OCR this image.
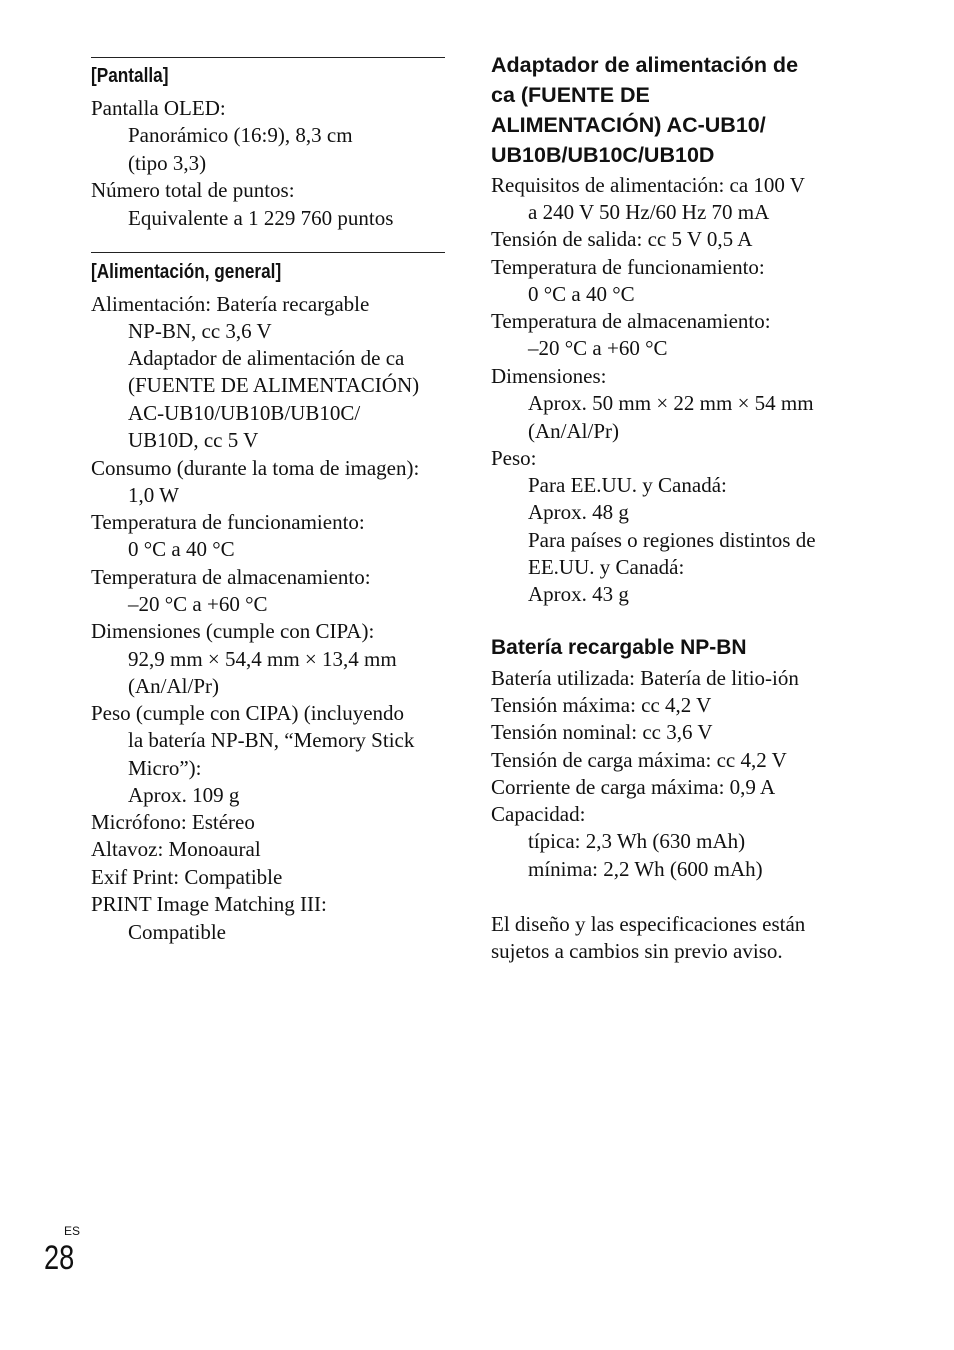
[Pantalla]
Pantalla OLED:
Panorámico (16:9), 8,3 cm
(tipo 3,3)
Número total de puntos:
Equivalente a 1 229 760 puntos
[Alimentación, general]
Alimentación: Batería recargable
NP-BN, cc 3,6 V
Adaptador de alimentación de ca
(FUENTE DE ALIMENTACIÓN)
AC-UB10/UB10B/UB10C/
UB10D, cc 5 V
Consumo (durante la toma de imagen):
1,0 W
Temperatura de funcionamiento:
0 °C a 40 °C
Temperatura de almacenamiento:
–20 °C a +60 °C
Dimensiones (cumple con CIPA):
92,9 mm × 54,4 mm × 13,4 mm
(An/Al/Pr)
Peso (cumple con CIPA) (incluyendo
la batería NP-BN, “Memory Stick
Micro”):
Aprox. 109 g
Micrófono: Estéreo
Altavoz: Monoaural
Exif Print: Compatible
PRINT Image Matching III:
Compatible
Adaptador de alimentación de
ca (FUENTE DE
ALIMENTACIÓN) AC-UB10/
UB10B/UB10C/UB10D
Requisitos de alimentación: ca 100 V
a 240 V 50 Hz/60 Hz 70 mA
Tensión de salida: cc 5 V 0,5 A
Temperatura de funcionamiento:
0 °C a 40 °C
Temperatura de almacenamiento:
–20 °C a +60 °C
Dimensiones:
Aprox. 50 mm × 22 mm × 54 mm
(An/Al/Pr)
Peso:
Para EE.UU. y Canadá:
Aprox. 48 g
Para países o regiones distintos de
EE.UU. y Canadá:
Aprox. 43 g
Batería recargable NP-BN
Batería utilizada: Batería de litio-ión
Tensión máxima: cc 4,2 V
Tensión nominal: cc 3,6 V
Tensión de carga máxima: cc 4,2 V
Corriente de carga máxima: 0,9 A
Capacidad:
típica: 2,3 Wh (630 mAh)
mínima: 2,2 Wh (600 mAh)
El diseño y las especificaciones están
sujetos a cambios sin previo aviso.
ES
28
